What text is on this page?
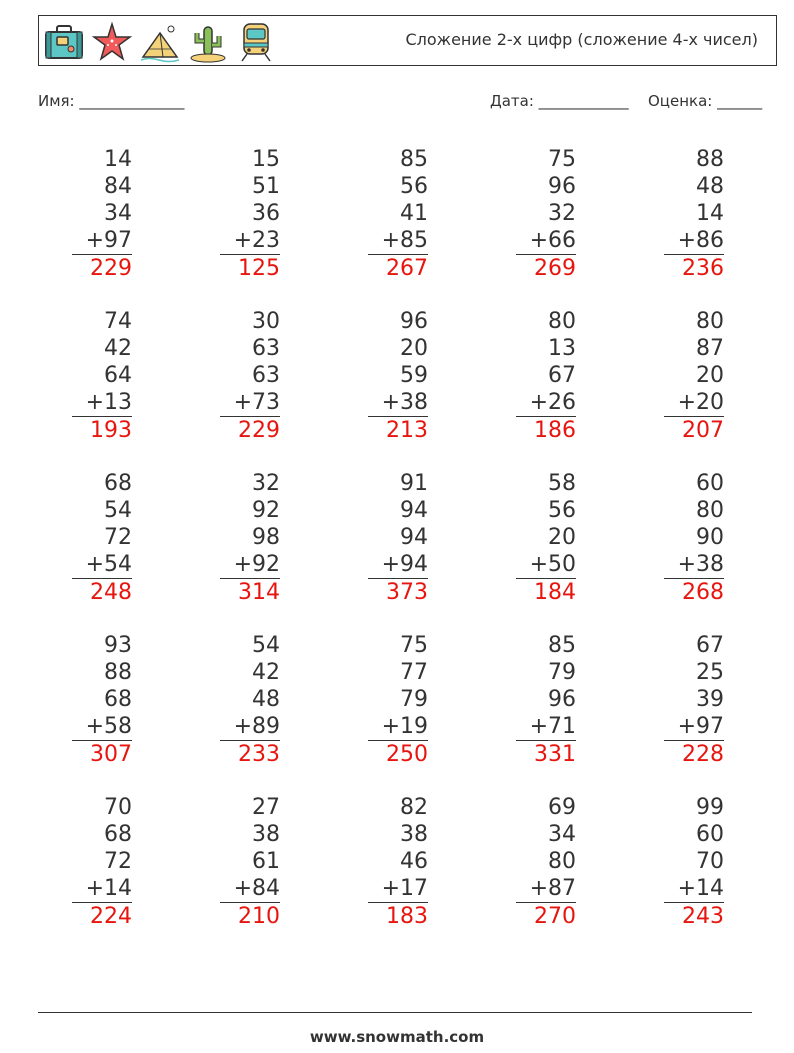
Сложение 2-х цифр (сложение 4-х чисел)
Имя: ______________	Дата: ____________ Оценка: ______
14
84
34
+97
229
15
51
36
+23
125
85
56
41
+85
267
75
96
32
+66
269
88
48
14
+86
236
74
42
64
+13
193
30
63
63
+73
229
96
20
59
+38
213
80
13
67
+26
186
80
87
20
+20
207
68
54
72
+54
248
32
92
98
+92
314
91
94
94
+94
373
58
56
20
+50
184
60
80
90
+38
268
93
88
68
+58
307
54
42
48
+89
233
75
77
79
+19
250
85
79
96
+71
331
67
25
39
+97
228
70
68
72
+14
224
27
38
61
+84
210
82
38
46
+17
183
69
34
80
+87
270
99
60
70
+14
243
www.snowmath.com
